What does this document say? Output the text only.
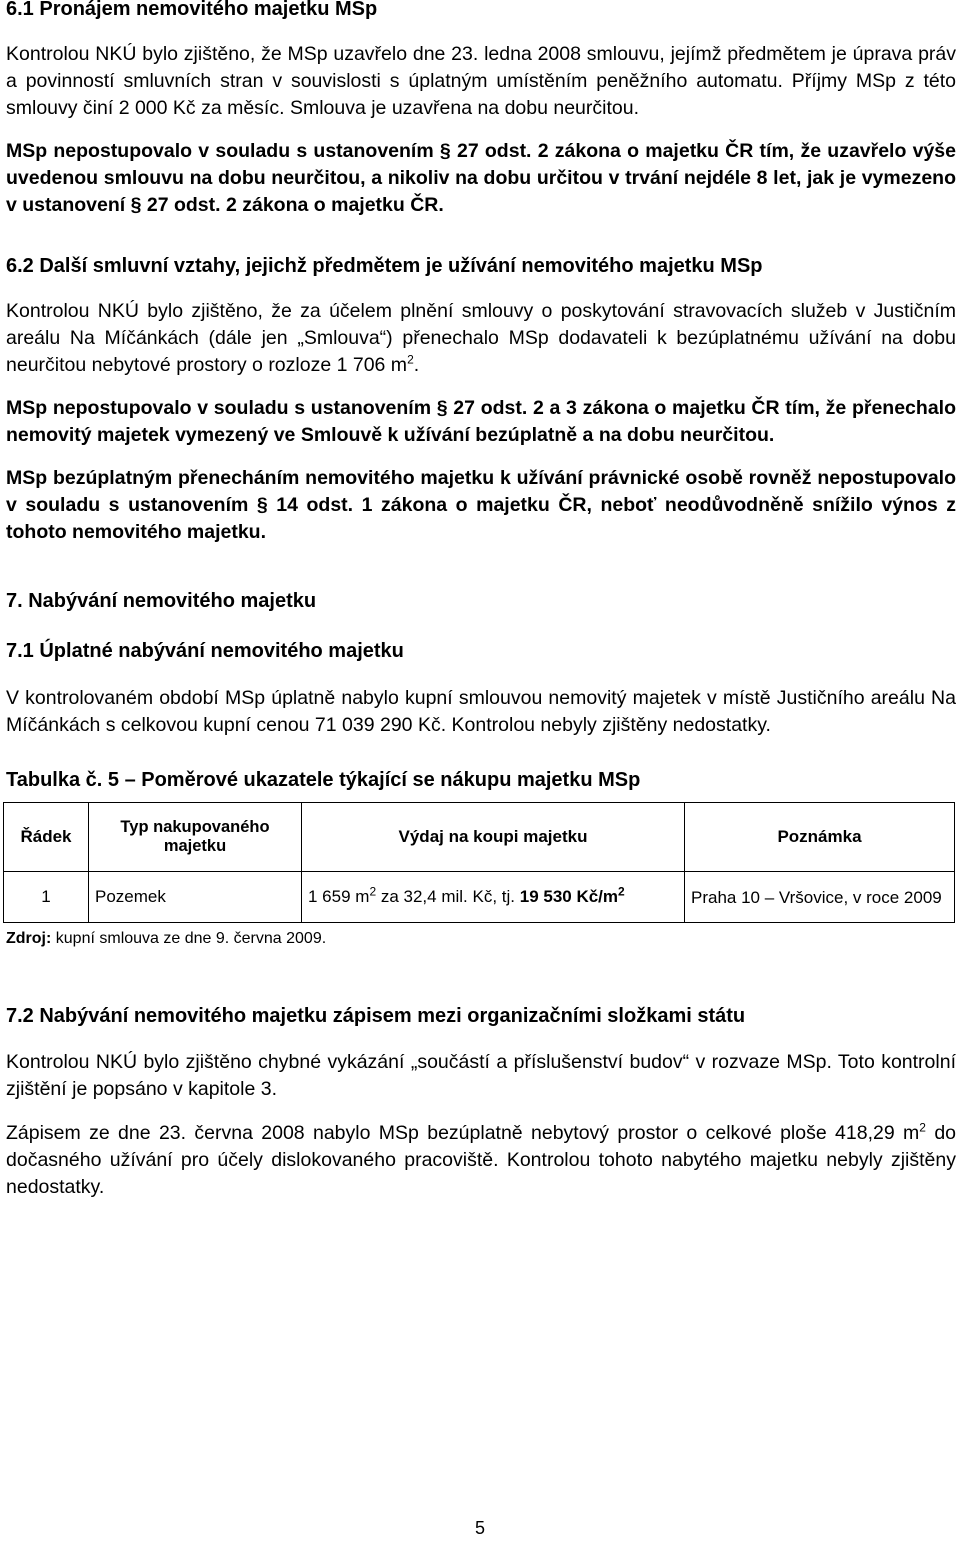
6.1 Pronájem nemovitého majetku MSp

Kontrolou NKÚ bylo zjištěno, že MSp uzavřelo dne 23. ledna 2008 smlouvu, jejímž předmětem je úprava práv a povinností smluvních stran v souvislosti s úplatným umístěním peněžního automatu. Příjmy MSp z této smlouvy činí 2 000 Kč za měsíc. Smlouva je uzavřena na dobu neurčitou.

MSp nepostupovalo v souladu s ustanovením § 27 odst. 2 zákona o majetku ČR tím, že uzavřelo výše uvedenou smlouvu na dobu neurčitou, a nikoliv na dobu určitou v trvání nejdéle 8 let, jak je vymezeno v ustanovení § 27 odst. 2 zákona o majetku ČR.

6.2 Další smluvní vztahy, jejichž předmětem je užívání nemovitého majetku MSp

Kontrolou NKÚ bylo zjištěno, že za účelem plnění smlouvy o poskytování stravovacích služeb v Justičním areálu Na Míčánkách (dále jen „Smlouva“) přenechalo MSp dodavateli k bezúplatnému užívání na dobu neurčitou nebytové prostory o rozloze 1 706 $m^2$.

MSp nepostupovalo v souladu s ustanovením § 27 odst. 2 a 3 zákona o majetku ČR tím, že přenechalo nemovitý majetek vymezený ve Smlouvě k užívání bezúplatně a na dobu neurčitou.

MSp bezúplatným přenecháním nemovitého majetku k užívání právnické osobě rovněž nepostupovalo v souladu s ustanovením § 14 odst. 1 zákona o majetku ČR, neboť neodůvodněně snížilo výnos z tohoto nemovitého majetku.

7. Nabývání nemovitého majetku
7.1 Úplatné nabývání nemovitého majetku

V kontrolovaném období MSp úplatně nabylo kupní smlouvou nemovitý majetek v místě Justičního areálu Na Míčánkách s celkovou kupní cenou 71 039 290 Kč. Kontrolou nebyly zjištěny nedostatky.

Tabulka č. 5 – Poměrové ukazatele týkající se nákupu majetku MSp
Řádek	Typ nakupovaného majetku	Výdaj na koupi majetku	Poznámka
1	Pozemek	1 659 $m^2$ za 32,4 mil. Kč, tj. 19 530 $Kč/m^2$	Praha 10 – Vršovice, v roce 2009
Zdroj: kupní smlouva ze dne 9. června 2009.
7.2 Nabývání nemovitého majetku zápisem mezi organizačními složkami státu

Kontrolou NKÚ bylo zjištěno chybné vykázání „součástí a příslušenství budov“ v rozvaze MSp. Toto kontrolní zjištění je popsáno v kapitole 3.

Zápisem ze dne 23. června 2008 nabylo MSp bezúplatně nebytový prostor o celkové ploše 418,29 $m^2$ do dočasného užívání pro účely dislokovaného pracoviště. Kontrolou tohoto nabytého majetku nebyly zjištěny nedostatky.

5
